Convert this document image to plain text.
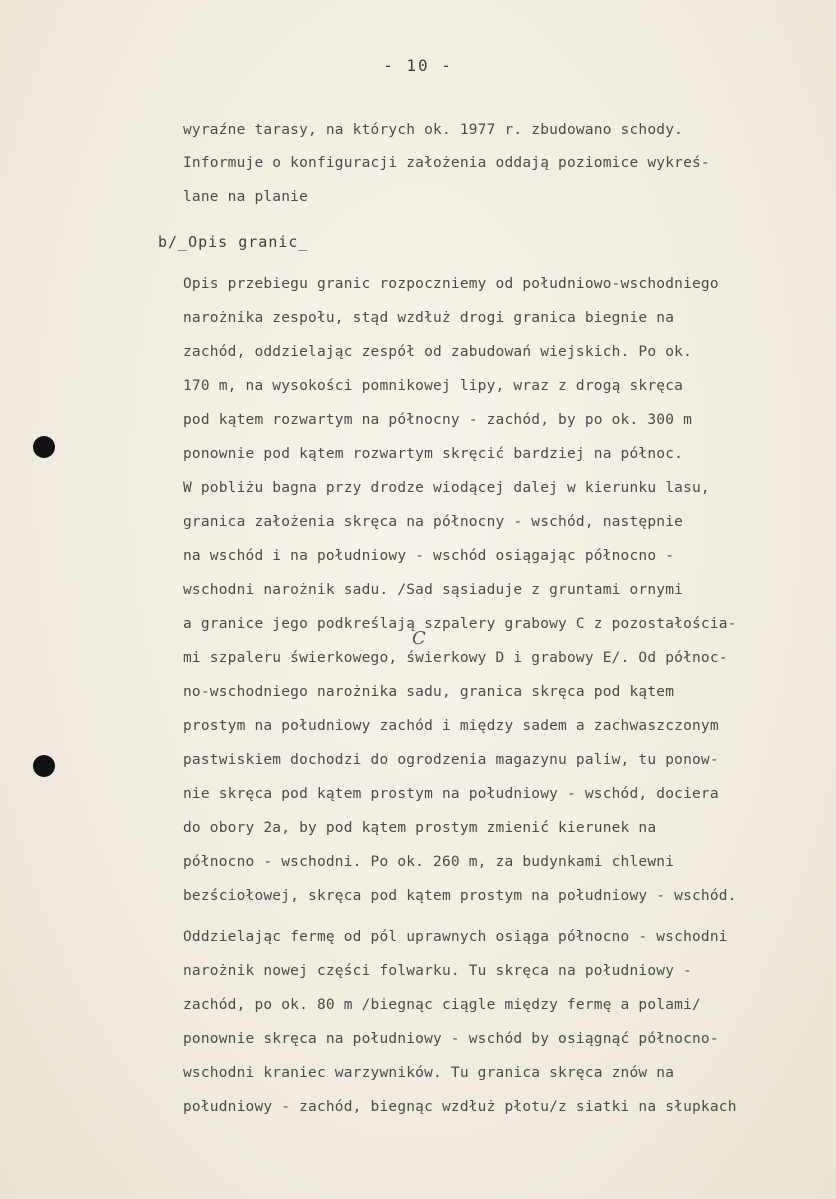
- 10 -
wyraźne tarasy, na których ok. 1977 r. zbudowano schody.
Informuje o konfiguracji założenia oddają poziomice wykreś-
lane na planie
b/_Opis granic_
Opis przebiegu granic rozpoczniemy od południowo-wschodniego
narożnika zespołu, stąd wzdłuż drogi granica biegnie na
zachód, oddzielając zespół od zabudowań wiejskich. Po ok.
170 m, na wysokości pomnikowej lipy, wraz z drogą skręca
pod kątem rozwartym na północny - zachód, by po ok. 300 m
ponownie pod kątem rozwartym skręcić bardziej na północ.
W pobliżu bagna przy drodze wiodącej dalej w kierunku lasu,
granica założenia skręca na północny - wschód, następnie
na wschód i na południowy - wschód osiągając północno -
wschodni narożnik sadu. /Sad sąsiaduje z gruntami ornymi
a granice jego podkreślają szpalery grabowy C z pozostałościa-
mi szpaleru świerkowego, świerkowy D i grabowy E/. Od północ-
no-wschodniego narożnika sadu, granica skręca pod kątem
prostym na południowy zachód i między sadem a zachwaszczonym
pastwiskiem dochodzi do ogrodzenia magazynu paliw, tu ponow-
nie skręca pod kątem prostym na południowy - wschód, dociera
do obory 2a, by pod kątem prostym zmienić kierunek na
północno - wschodni. Po ok. 260 m, za budynkami chlewni
bezściołowej, skręca pod kątem prostym na południowy - wschód.
Oddzielając fermę od pól uprawnych osiąga północno - wschodni
narożnik nowej części folwarku. Tu skręca na południowy -
zachód, po ok. 80 m /biegnąc ciągle między fermę a polami/
ponownie skręca na południowy - wschód by osiągnąć północno-
wschodni kraniec warzywników. Tu granica skręca znów na
południowy - zachód, biegnąc wzdłuż płotu/z siatki na słupkach
C
